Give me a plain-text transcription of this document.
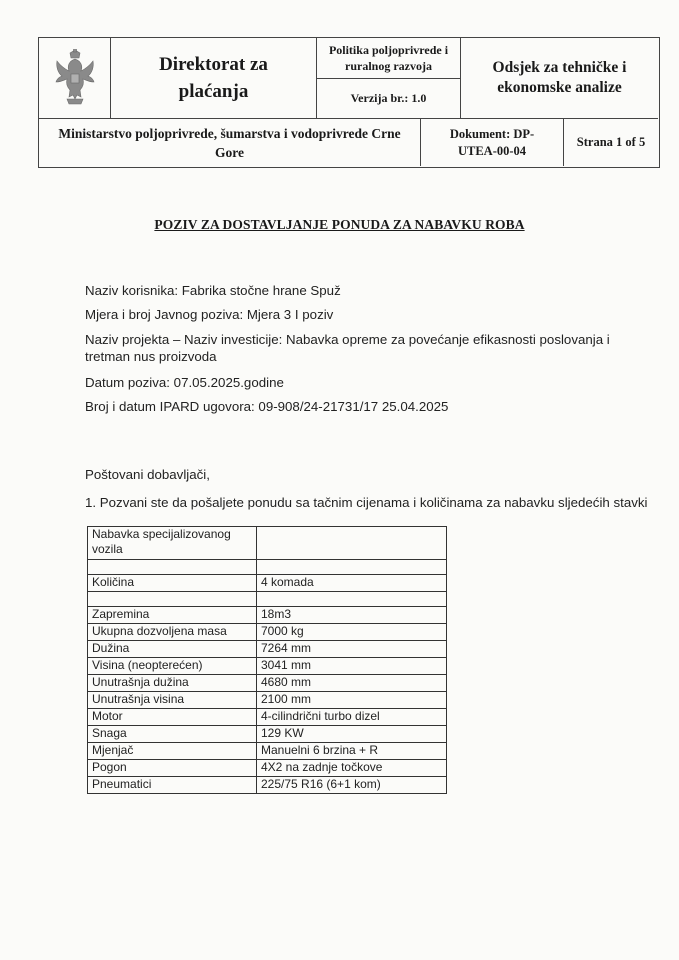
Direktorat za plaćanja
Politika poljoprivrede i ruralnog razvoja
Verzija br.: 1.0
Odsjek za tehničke i ekonomske analize
Ministarstvo poljoprivrede, šumarstva i vodoprivrede Crne Gore
Dokument: DP-UTEA-00-04
Strana 1 of 5
POZIV ZA DOSTAVLJANJE PONUDA ZA NABAVKU ROBA
Naziv korisnika: Fabrika stočne hrane Spuž
Mjera i broj Javnog poziva: Mjera 3 I poziv
Naziv projekta – Naziv investicije: Nabavka opreme za povećanje efikasnosti poslovanja i tretman nus proizvoda
Datum poziva: 07.05.2025.godine
Broj i datum IPARD ugovora: 09-908/24-21731/17 25.04.2025
Poštovani dobavljači,
1. Pozvani ste da pošaljete ponudu sa tačnim cijenama i količinama za nabavku sljedećih stavki
Nabavka specijalizovanog vozila	

Količina	4 komada

Zapremina	18m3
Ukupna dozvoljena masa	7000 kg
Dužina	7264 mm
Visina (neopterećen)	3041 mm
Unutrašnja dužina	4680 mm
Unutrašnja visina	2100 mm
Motor	4-cilindrični turbo dizel
Snaga	129 KW
Mjenjač	Manuelni 6 brzina + R
Pogon	4X2 na zadnje točkove
Pneumatici	225/75 R16 (6+1 kom)
